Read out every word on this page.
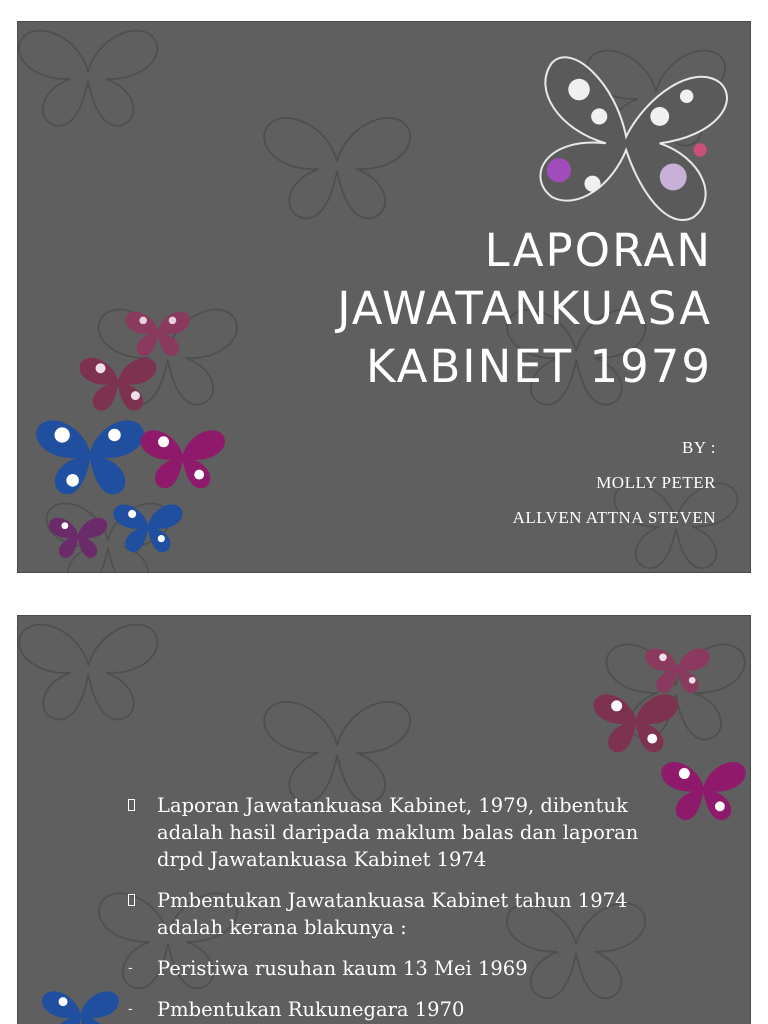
LAPORAN
JAWATANKUASA
KABINET 1979
BY :
MOLLY PETER
ALLVEN ATTNA STEVEN
Laporan Jawatankuasa Kabinet, 1979, dibentuk adalah hasil daripada maklum balas dan laporan drpd Jawatankuasa Kabinet 1974
Pmbentukan Jawatankuasa Kabinet tahun 1974 adalah kerana blakunya :
-	Peristiwa rusuhan kaum 13 Mei 1969
-	Pmbentukan Rukunegara 1970
